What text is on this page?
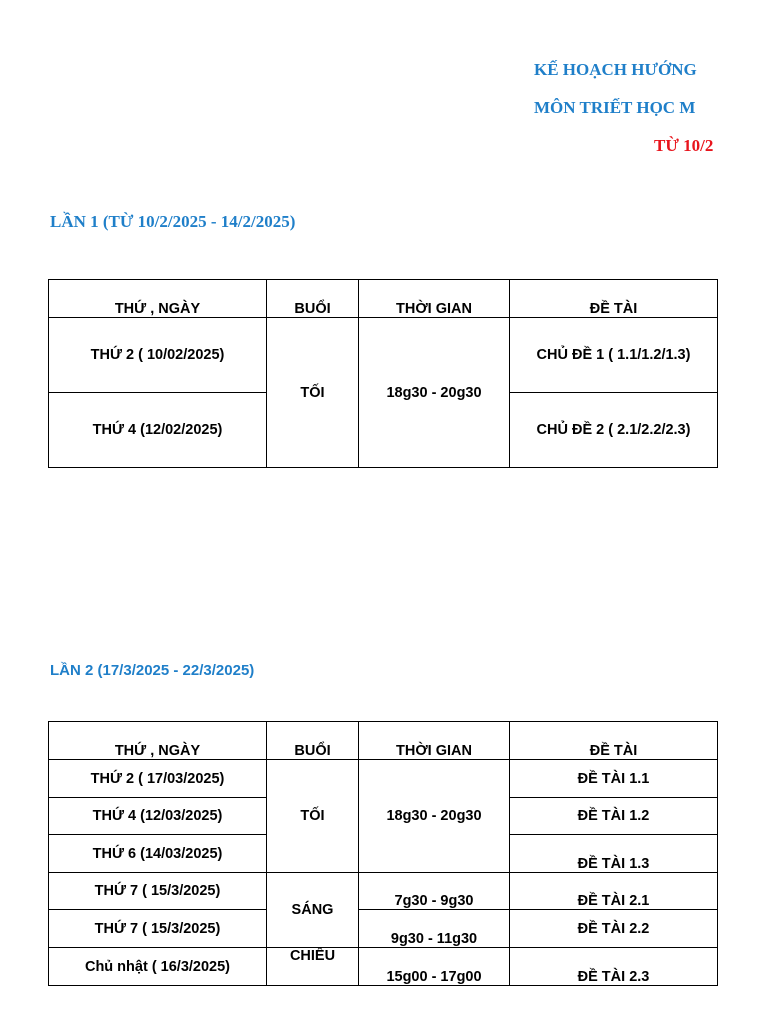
KẾ HOẠCH HƯỚNG
MÔN TRIẾT HỌC M
TỪ 10/2
LẦN 1 (TỪ 10/2/2025 - 14/2/2025)
THỨ , NGÀY	BUỔI	THỜI GIAN	ĐỀ TÀI
THỨ 2 ( 10/02/2025)	TỐI	18g30 - 20g30	CHỦ ĐỀ 1 ( 1.1/1.2/1.3)
THỨ 4 (12/02/2025)			CHỦ ĐỀ 2 ( 2.1/2.2/2.3)
LẦN 2 (17/3/2025 - 22/3/2025)
THỨ , NGÀY	BUỔI	THỜI GIAN	ĐỀ TÀI
THỨ 2 ( 17/03/2025)	TỐI	18g30 - 20g30	ĐỀ TÀI 1.1
THỨ 4 (12/03/2025)			ĐỀ TÀI 1.2
THỨ 6 (14/03/2025)			ĐỀ TÀI 1.3
THỨ 7 ( 15/3/2025)	SÁNG	7g30 - 9g30	ĐỀ TÀI 2.1
THỨ 7 ( 15/3/2025)		9g30 - 11g30	ĐỀ TÀI 2.2
Chủ nhật ( 16/3/2025)	CHIỀU	15g00 - 17g00	ĐỀ TÀI 2.3
